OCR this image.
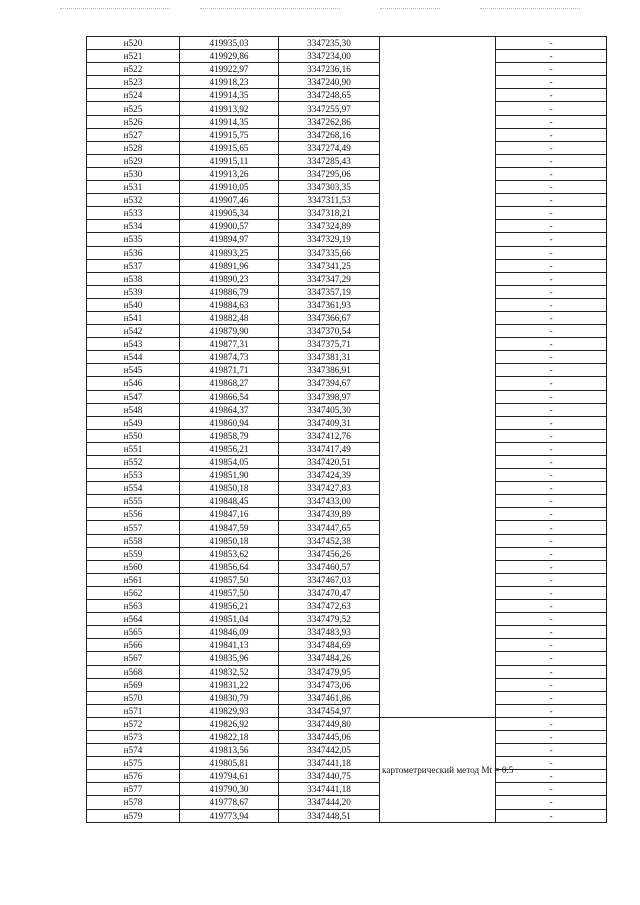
н520	419935,03	3347235,30		-
н521	419929,86	3347234,00		-
н522	419922,97	3347236,16		-
н523	419918,23	3347240,90		-
н524	419914,35	3347248,65		-
н525	419913,92	3347255,97		-
н526	419914,35	3347262,86		-
н527	419915,75	3347268,16		-
н528	419915,65	3347274,49		-
н529	419915,11	3347285,43		-
н530	419913,26	3347295,06		-
н531	419910,05	3347303,35		-
н532	419907,46	3347311,53		-
н533	419905,34	3347318,21		-
н534	419900,57	3347324,89		-
н535	419894,97	3347329,19		-
н536	419893,25	3347335,66		-
н537	419891,96	3347341,25		-
н538	419890,23	3347347,29		-
н539	419886,79	3347357,19		-
н540	419884,63	3347361,93		-
н541	419882,48	3347366,67		-
н542	419879,90	3347370,54		-
н543	419877,31	3347375,71		-
н544	419874,73	3347381,31		-
н545	419871,71	3347386,91		-
н546	419868,27	3347394,67		-
н547	419866,54	3347398,97		-
н548	419864,37	3347405,30		-
н549	419860,94	3347409,31		-
н550	419858,79	3347412,76		-
н551	419856,21	3347417,49		-
н552	419854,05	3347420,51		-
н553	419851,90	3347424,39		-
н554	419850,18	3347427,83		-
н555	419848,45	3347433,00		-
н556	419847,16	3347439,89		-
н557	419847,59	3347447,65		-
н558	419850,18	3347452,38		-
н559	419853,62	3347456,26		-
н560	419856,64	3347460,57		-
н561	419857,50	3347467,03		-
н562	419857,50	3347470,47		-
н563	419856,21	3347472,63		-
н564	419851,04	3347479,52		-
н565	419846,09	3347483,93		-
н566	419841,13	3347484,69		-
н567	419835,96	3347484,26		-
н568	419832,52	3347479,95		-
н569	419831,22	3347473,06		-
н570	419830,79	3347461,86		-
н571	419829,93	3347454,97		-
н572	419826,92	3347449,80	картометрический метод Mt = 0.5	-
н573	419822,18	3347445,06		-
н574	419813,56	3347442,05		-
н575	419805,81	3347441,18		-
н576	419794,61	3347440,75		-
н577	419790,30	3347441,18		-
н578	419778,67	3347444,20		-
н579	419773,94	3347448,51		-
